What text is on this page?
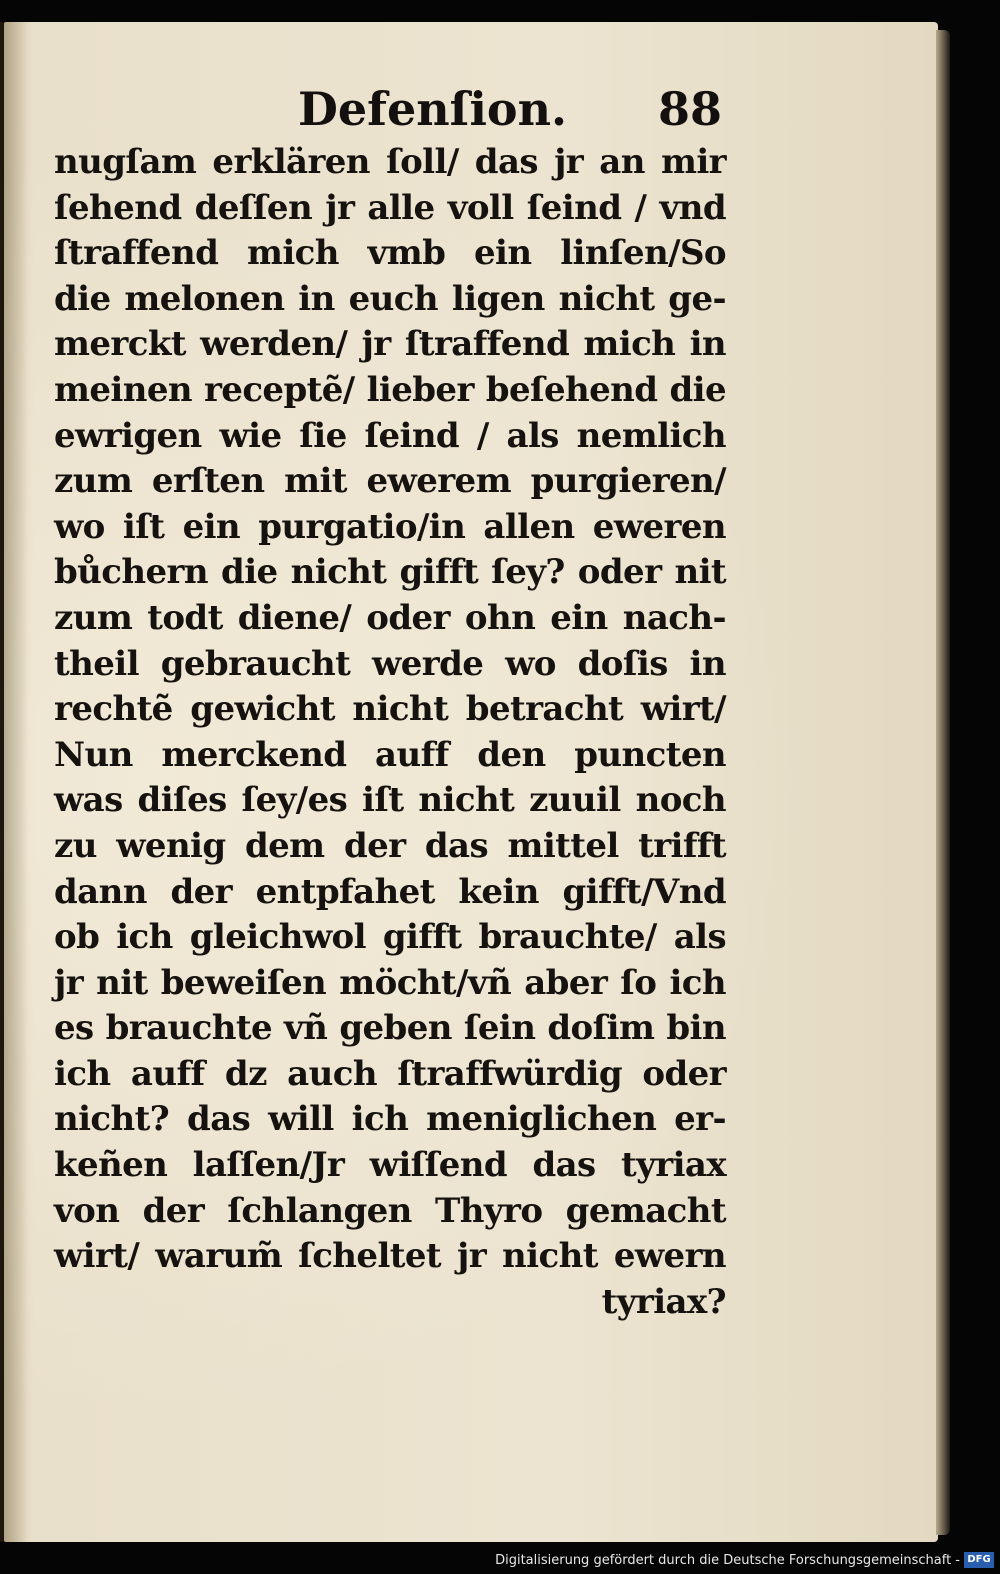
Defenſion. 88
nugſam erklären ſoll/ das jr an mir
ſehend deſſen jr alle voll ſeind / vnd
ſtraffend mich vmb ein linſen/So
die melonen in euch ligen nicht ge‑
merckt werden/ jr ſtraffend mich in
meinen receptẽ/ lieber beſehend die
ewrigen wie ſie ſeind / als nemlich
zum erſten mit ewerem purgieren/
wo iſt ein purgatio/in allen eweren
bůchern die nicht gifft ſey? oder nit
zum todt diene/ oder ohn ein nach‑
theil gebraucht werde wo doſis in
rechtẽ gewicht nicht betracht wirt/
Nun merckend auff den puncten
was diſes ſey/es iſt nicht zuuil noch
zu wenig dem der das mittel trifft
dann der entpfahet kein gifft/Vnd
ob ich gleichwol gifft brauchte/ als
jr nit beweiſen möcht/vñ aber ſo ich
es brauchte vñ geben ſein doſim bin
ich auff dz auch ſtraffwürdig oder
nicht? das will ich meniglichen er‑
keñen laſſen/Jr wiſſend das tyriax
von der ſchlangen Thyro gemacht
wirt/ warum̃ ſcheltet jr nicht ewern
tyriax?
Digitalisierung gefördert durch die Deutsche Forschungsgemeinschaft - DFG
